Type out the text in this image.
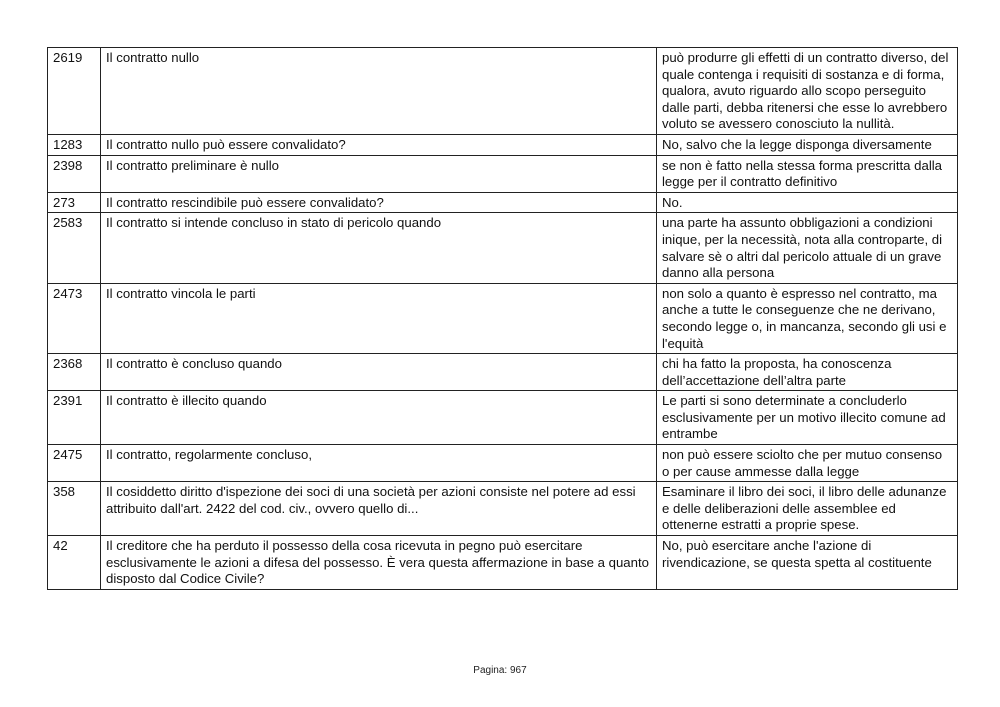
2619	Il contratto nullo	può produrre gli effetti di un contratto diverso, del quale contenga i requisiti di sostanza e di forma, qualora, avuto riguardo allo scopo perseguito dalle parti, debba ritenersi che esse lo avrebbero voluto se avessero conosciuto la nullità.
1283	Il contratto nullo può essere convalidato?	No, salvo che la legge disponga diversamente
2398	Il contratto preliminare è nullo	se non è fatto nella stessa forma prescritta dalla legge per il contratto definitivo
273	Il contratto rescindibile può essere convalidato?	No.
2583	Il contratto si intende concluso in stato di pericolo quando	una parte ha assunto obbligazioni a condizioni inique, per la necessità, nota alla controparte, di salvare sè o altri dal pericolo attuale di un grave danno alla persona
2473	Il contratto vincola le parti	non solo a quanto è espresso nel contratto, ma anche a tutte le conseguenze che ne derivano, secondo legge o, in mancanza, secondo gli usi e l'equità
2368	Il contratto è concluso quando	chi ha fatto la proposta, ha conoscenza dell’accettazione dell’altra parte
2391	Il contratto è illecito quando	Le parti si sono determinate a concluderlo esclusivamente per un motivo illecito comune ad entrambe
2475	Il contratto, regolarmente concluso,	non può essere sciolto che per mutuo consenso o per cause ammesse dalla legge
358	Il cosiddetto diritto d'ispezione dei soci di una società per azioni consiste nel potere ad essi attribuito dall'art. 2422 del cod. civ., ovvero quello di...	Esaminare il libro dei soci, il libro delle adunanze e delle deliberazioni delle assemblee ed ottenerne estratti a proprie spese.
42	Il creditore che ha perduto il possesso della cosa ricevuta in pegno può esercitare esclusivamente le azioni a difesa del possesso. È vera questa affermazione in base a quanto disposto dal Codice Civile?	No, può esercitare anche l'azione di rivendicazione, se questa spetta al costituente
Pagina: 967
